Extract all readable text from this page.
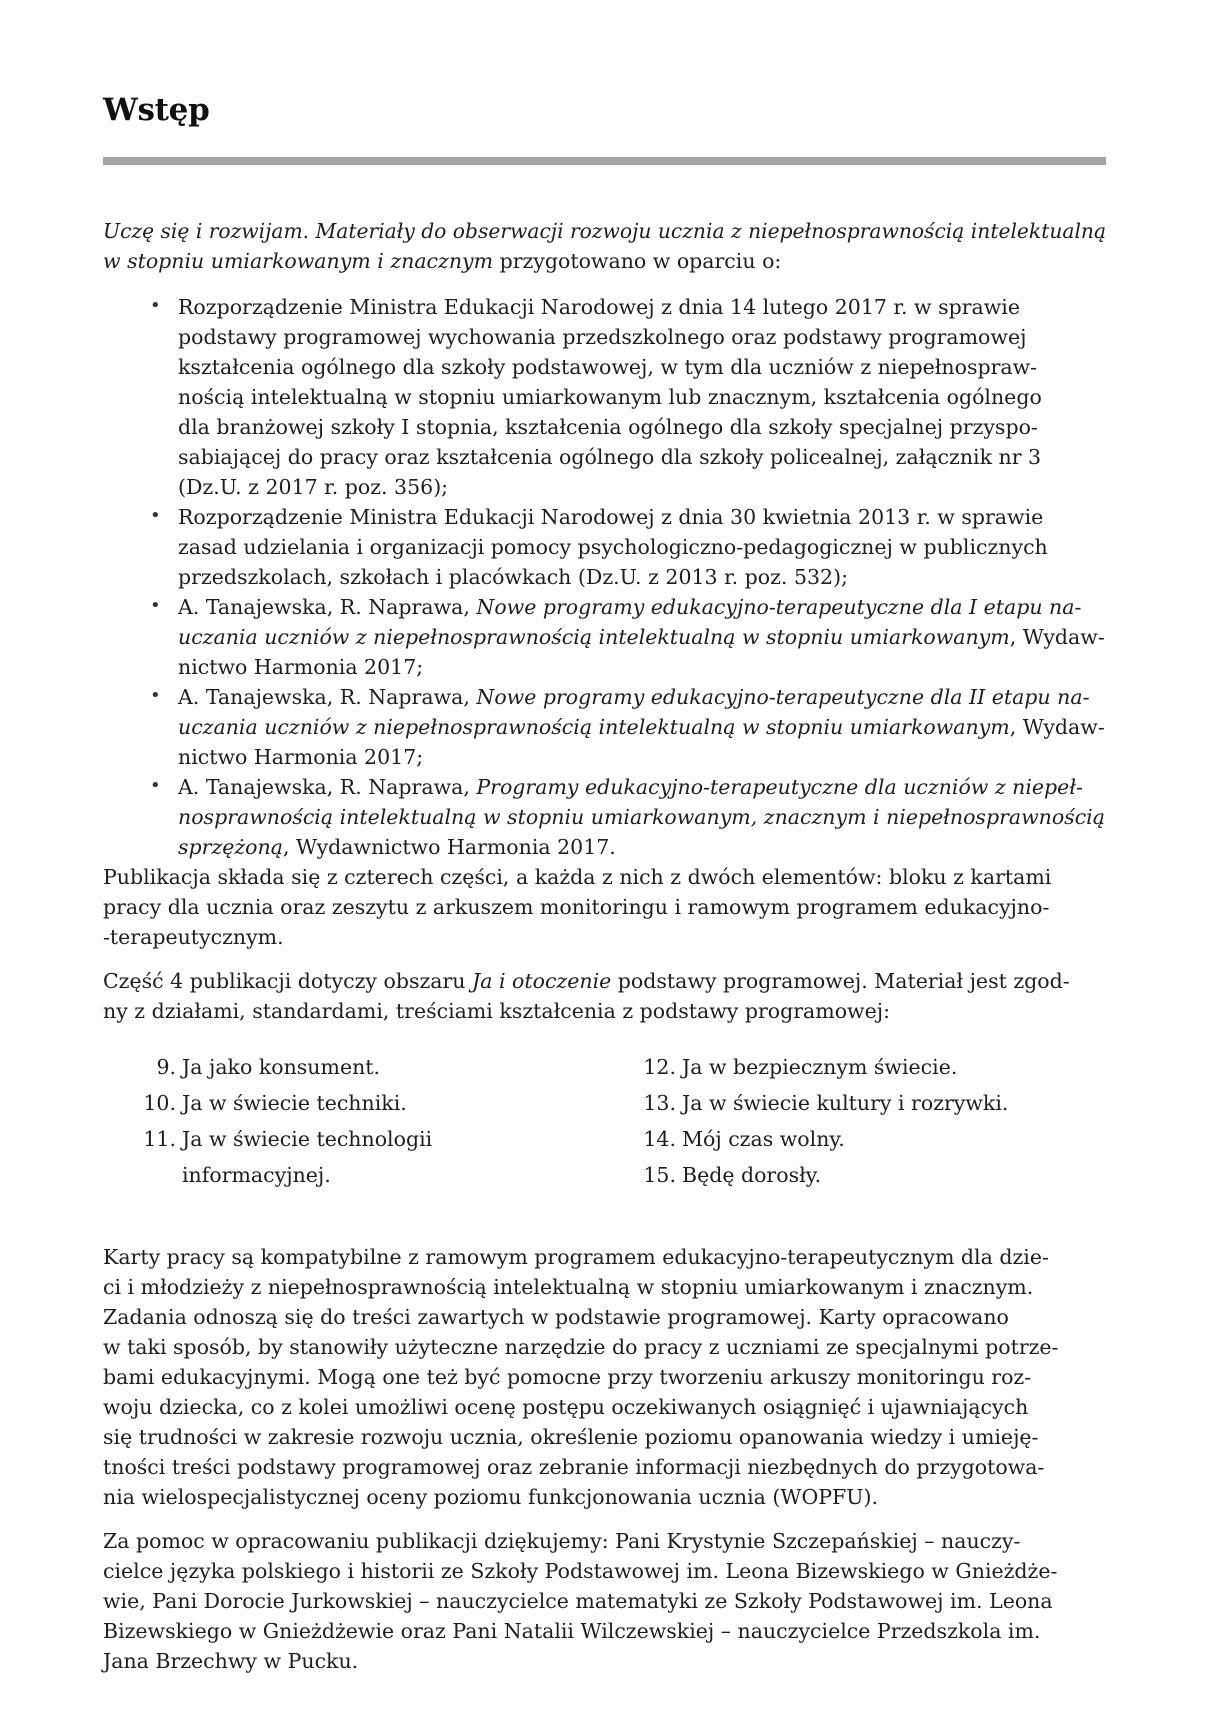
Wstęp
Uczę się i rozwijam. Materiały do obserwacji rozwoju ucznia z niepełnosprawnością intelektualną
w stopniu umiarkowanym i znacznym przygotowano w oparciu o:
• Rozporządzenie Ministra Edukacji Narodowej z dnia 14 lutego 2017 r. w sprawie
podstawy programowej wychowania przedszkolnego oraz podstawy programowej
kształcenia ogólnego dla szkoły podstawowej, w tym dla uczniów z niepełnospraw-
nością intelektualną w stopniu umiarkowanym lub znacznym, kształcenia ogólnego
dla branżowej szkoły I stopnia, kształcenia ogólnego dla szkoły specjalnej przyspo-
sabiającej do pracy oraz kształcenia ogólnego dla szkoły policealnej, załącznik nr 3
(Dz.U. z 2017 r. poz. 356);
• Rozporządzenie Ministra Edukacji Narodowej z dnia 30 kwietnia 2013 r. w sprawie
zasad udzielania i organizacji pomocy psychologiczno-pedagogicznej w publicznych
przedszkolach, szkołach i placówkach (Dz.U. z 2013 r. poz. 532);
• A. Tanajewska, R. Naprawa, Nowe programy edukacyjno-terapeutyczne dla I etapu na-
uczania uczniów z niepełnosprawnością intelektualną w stopniu umiarkowanym, Wydaw-
nictwo Harmonia 2017;
• A. Tanajewska, R. Naprawa, Nowe programy edukacyjno-terapeutyczne dla II etapu na-
uczania uczniów z niepełnosprawnością intelektualną w stopniu umiarkowanym, Wydaw-
nictwo Harmonia 2017;
• A. Tanajewska, R. Naprawa, Programy edukacyjno-terapeutyczne dla uczniów z niepeł-
nosprawnością intelektualną w stopniu umiarkowanym, znacznym i niepełnosprawnością
sprzężoną, Wydawnictwo Harmonia 2017.
Publikacja składa się z czterech części, a każda z nich z dwóch elementów: bloku z kartami
pracy dla ucznia oraz zeszytu z arkuszem monitoringu i ramowym programem edukacyjno-
-terapeutycznym.
Część 4 publikacji dotyczy obszaru Ja i otoczenie podstawy programowej. Materiał jest zgod-
ny z działami, standardami, treściami kształcenia z podstawy programowej:
9. Ja jako konsument.
10. Ja w świecie techniki.
11. Ja w świecie technologii
informacyjnej.
12. Ja w bezpiecznym świecie.
13. Ja w świecie kultury i rozrywki.
14. Mój czas wolny.
15. Będę dorosły.
Karty pracy są kompatybilne z ramowym programem edukacyjno-terapeutycznym dla dzie-
ci i młodzieży z niepełnosprawnością intelektualną w stopniu umiarkowanym i znacznym.
Zadania odnoszą się do treści zawartych w podstawie programowej. Karty opracowano
w taki sposób, by stanowiły użyteczne narzędzie do pracy z uczniami ze specjalnymi potrze-
bami edukacyjnymi. Mogą one też być pomocne przy tworzeniu arkuszy monitoringu roz-
woju dziecka, co z kolei umożliwi ocenę postępu oczekiwanych osiągnięć i ujawniających
się trudności w zakresie rozwoju ucznia, określenie poziomu opanowania wiedzy i umieję-
tności treści podstawy programowej oraz zebranie informacji niezbędnych do przygotowa-
nia wielospecjalistycznej oceny poziomu funkcjonowania ucznia (WOPFU).
Za pomoc w opracowaniu publikacji dziękujemy: Pani Krystynie Szczepańskiej – nauczy-
cielce języka polskiego i historii ze Szkoły Podstawowej im. Leona Bizewskiego w Gnieżdże-
wie, Pani Dorocie Jurkowskiej – nauczycielce matematyki ze Szkoły Podstawowej im. Leona
Bizewskiego w Gnieżdżewie oraz Pani Natalii Wilczewskiej – nauczycielce Przedszkola im.
Jana Brzechwy w Pucku.
